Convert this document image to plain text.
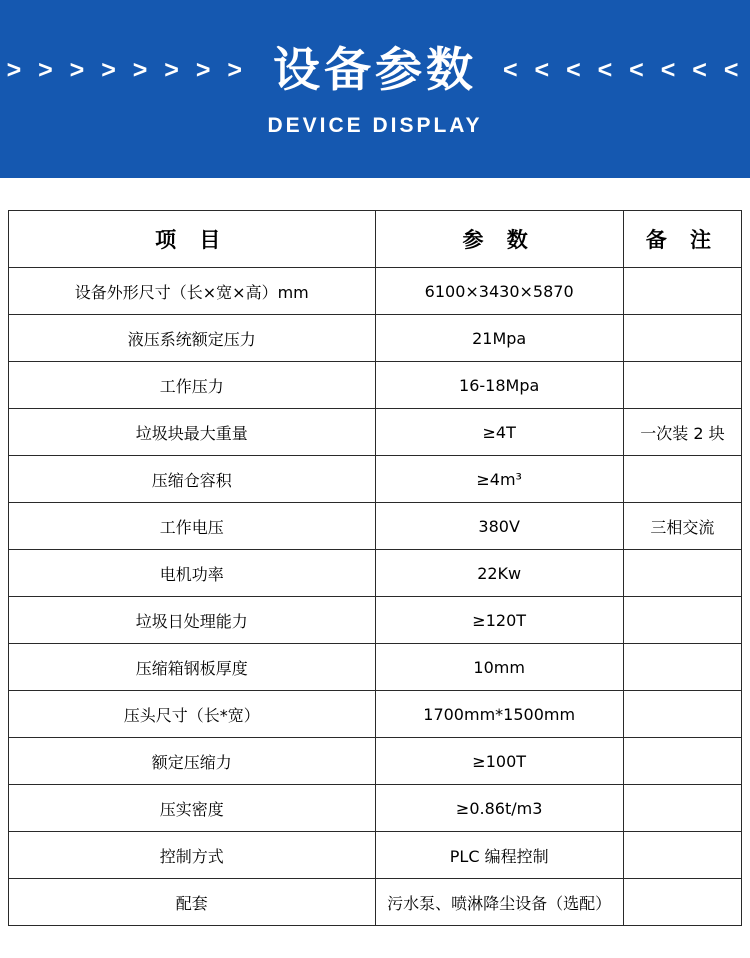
> > > > > > > > 设备参数 < < < < < < < <
DEVICE DISPLAY
项 目	参 数	备 注
设备外形尺寸（长×宽×高）mm	6100×3430×5870	
液压系统额定压力	21Mpa	
工作压力	16-18Mpa	
垃圾块最大重量	≥4T	一次装 2 块
压缩仓容积	≥4m³	
工作电压	380V	三相交流
电机功率	22Kw	
垃圾日处理能力	≥120T	
压缩箱钢板厚度	10mm	
压头尺寸（长*宽）	1700mm*1500mm	
额定压缩力	≥100T	
压实密度	≥0.86t/m3	
控制方式	PLC 编程控制	
配套	污水泵、喷淋降尘设备（选配）	
